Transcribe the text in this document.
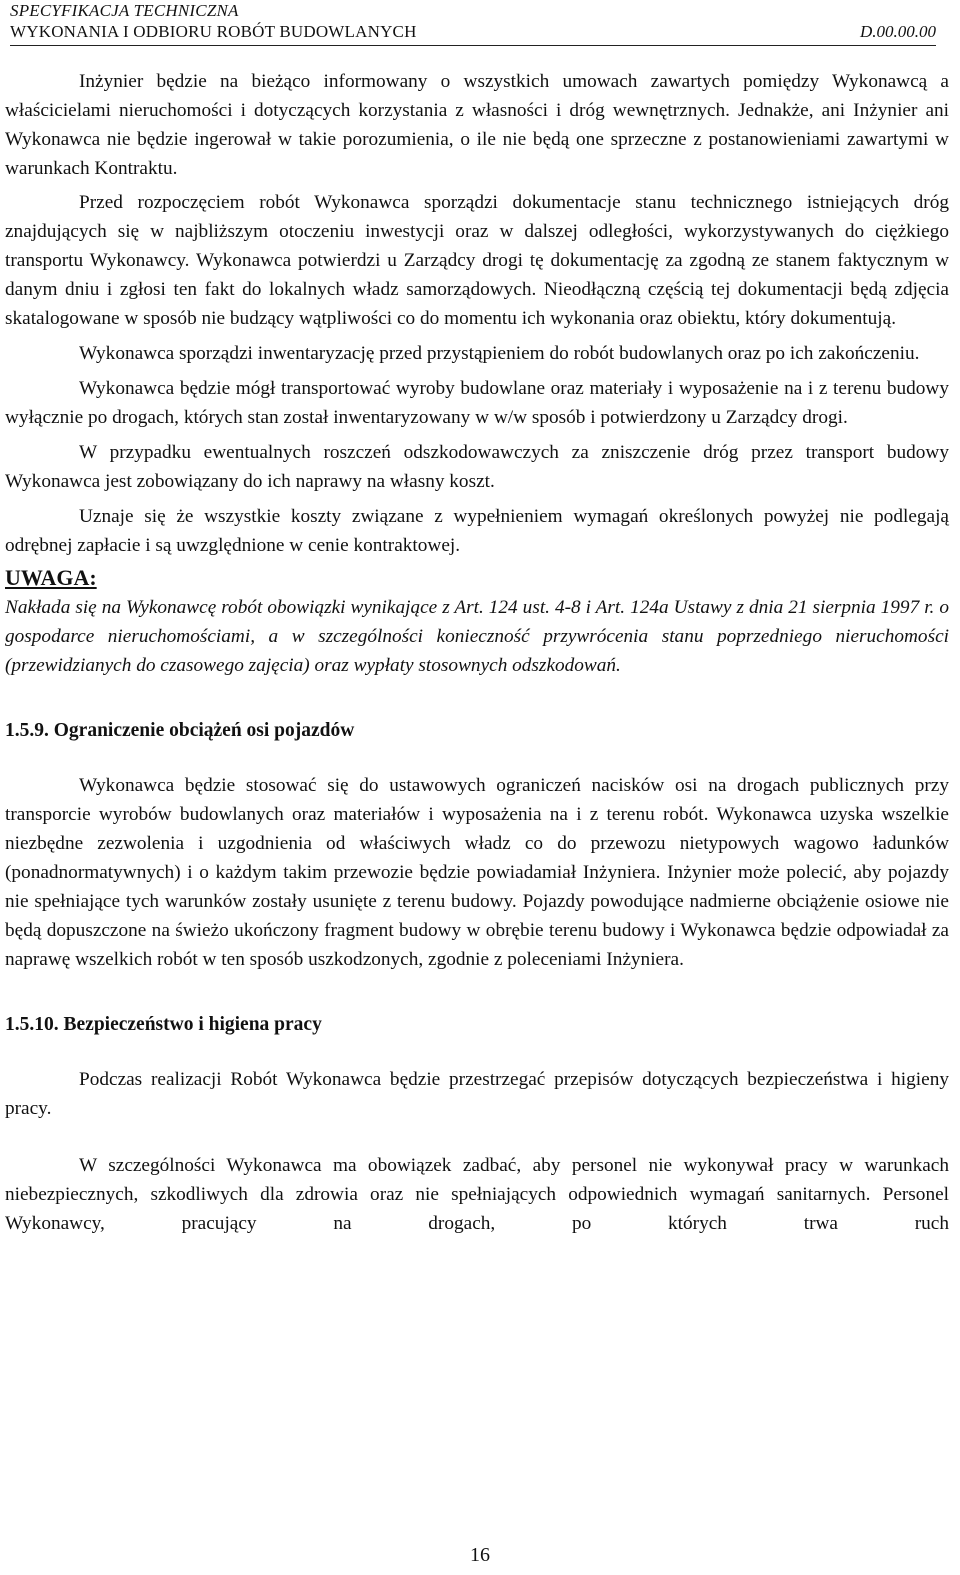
SPECYFIKACJA TECHNICZNA
WYKONANIA I ODBIORU ROBÓT BUDOWLANYCH	D.00.00.00

Inżynier będzie na bieżąco informowany o wszystkich umowach zawartych pomiędzy Wykonawcą a właścicielami nieruchomości i dotyczących korzystania z własności i dróg wewnętrznych. Jednakże, ani Inżynier ani Wykonawca nie będzie ingerował w takie porozumienia, o ile nie będą one sprzeczne z postanowieniami zawartymi w warunkach Kontraktu.

Przed rozpoczęciem robót Wykonawca sporządzi dokumentacje stanu technicznego istniejących dróg znajdujących się w najbliższym otoczeniu inwestycji oraz w dalszej odległości, wykorzystywanych do ciężkiego transportu Wykonawcy. Wykonawca potwierdzi u Zarządcy drogi tę dokumentację za zgodną ze stanem faktycznym w danym dniu i zgłosi ten fakt do lokalnych władz samorządowych. Nieodłączną częścią tej dokumentacji będą zdjęcia skatalogowane w sposób nie budzący wątpliwości co do momentu ich wykonania oraz obiektu, który dokumentują.

Wykonawca sporządzi inwentaryzację przed przystąpieniem do robót budowlanych oraz po ich zakończeniu.

Wykonawca będzie mógł transportować wyroby budowlane oraz materiały i wyposażenie na i z terenu budowy wyłącznie po drogach, których stan został inwentaryzowany w w/w sposób i potwierdzony u Zarządcy drogi.

W przypadku ewentualnych roszczeń odszkodowawczych za zniszczenie dróg przez transport budowy Wykonawca jest zobowiązany do ich naprawy na własny koszt.

Uznaje się że wszystkie koszty związane z wypełnieniem wymagań określonych powyżej nie podlegają odrębnej zapłacie i są uwzględnione w cenie kontraktowej.

UWAGA:
Nakłada się na Wykonawcę robót obowiązki wynikające z Art. 124 ust. 4-8 i Art. 124a Ustawy z dnia 21 sierpnia 1997 r. o gospodarce nieruchomościami, a w szczególności konieczność przywrócenia stanu poprzedniego nieruchomości (przewidzianych do czasowego zajęcia) oraz wypłaty stosownych odszkodowań.
1.5.9. Ograniczenie obciążeń osi pojazdów

Wykonawca będzie stosować się do ustawowych ograniczeń nacisków osi na drogach publicznych przy transporcie wyrobów budowlanych oraz materiałów i wyposażenia na i z terenu robót. Wykonawca uzyska wszelkie niezbędne zezwolenia i uzgodnienia od właściwych władz co do przewozu nietypowych wagowo ładunków (ponadnormatywnych) i o każdym takim przewozie będzie powiadamiał Inżyniera. Inżynier może polecić, aby pojazdy nie spełniające tych warunków zostały usunięte z terenu budowy. Pojazdy powodujące nadmierne obciążenie osiowe nie będą dopuszczone na świeżo ukończony fragment budowy w obrębie terenu budowy i Wykonawca będzie odpowiadał za naprawę wszelkich robót w ten sposób uszkodzonych, zgodnie z poleceniami Inżyniera.

1.5.10. Bezpieczeństwo i higiena pracy

Podczas realizacji Robót Wykonawca będzie przestrzegać przepisów dotyczących bezpieczeństwa i higieny pracy.

W szczególności Wykonawca ma obowiązek zadbać, aby personel nie wykonywał pracy w warunkach niebezpiecznych, szkodliwych dla zdrowia oraz nie spełniających odpowiednich wymagań sanitarnych. Personel Wykonawcy, pracujący na drogach, po których trwa ruch

16
